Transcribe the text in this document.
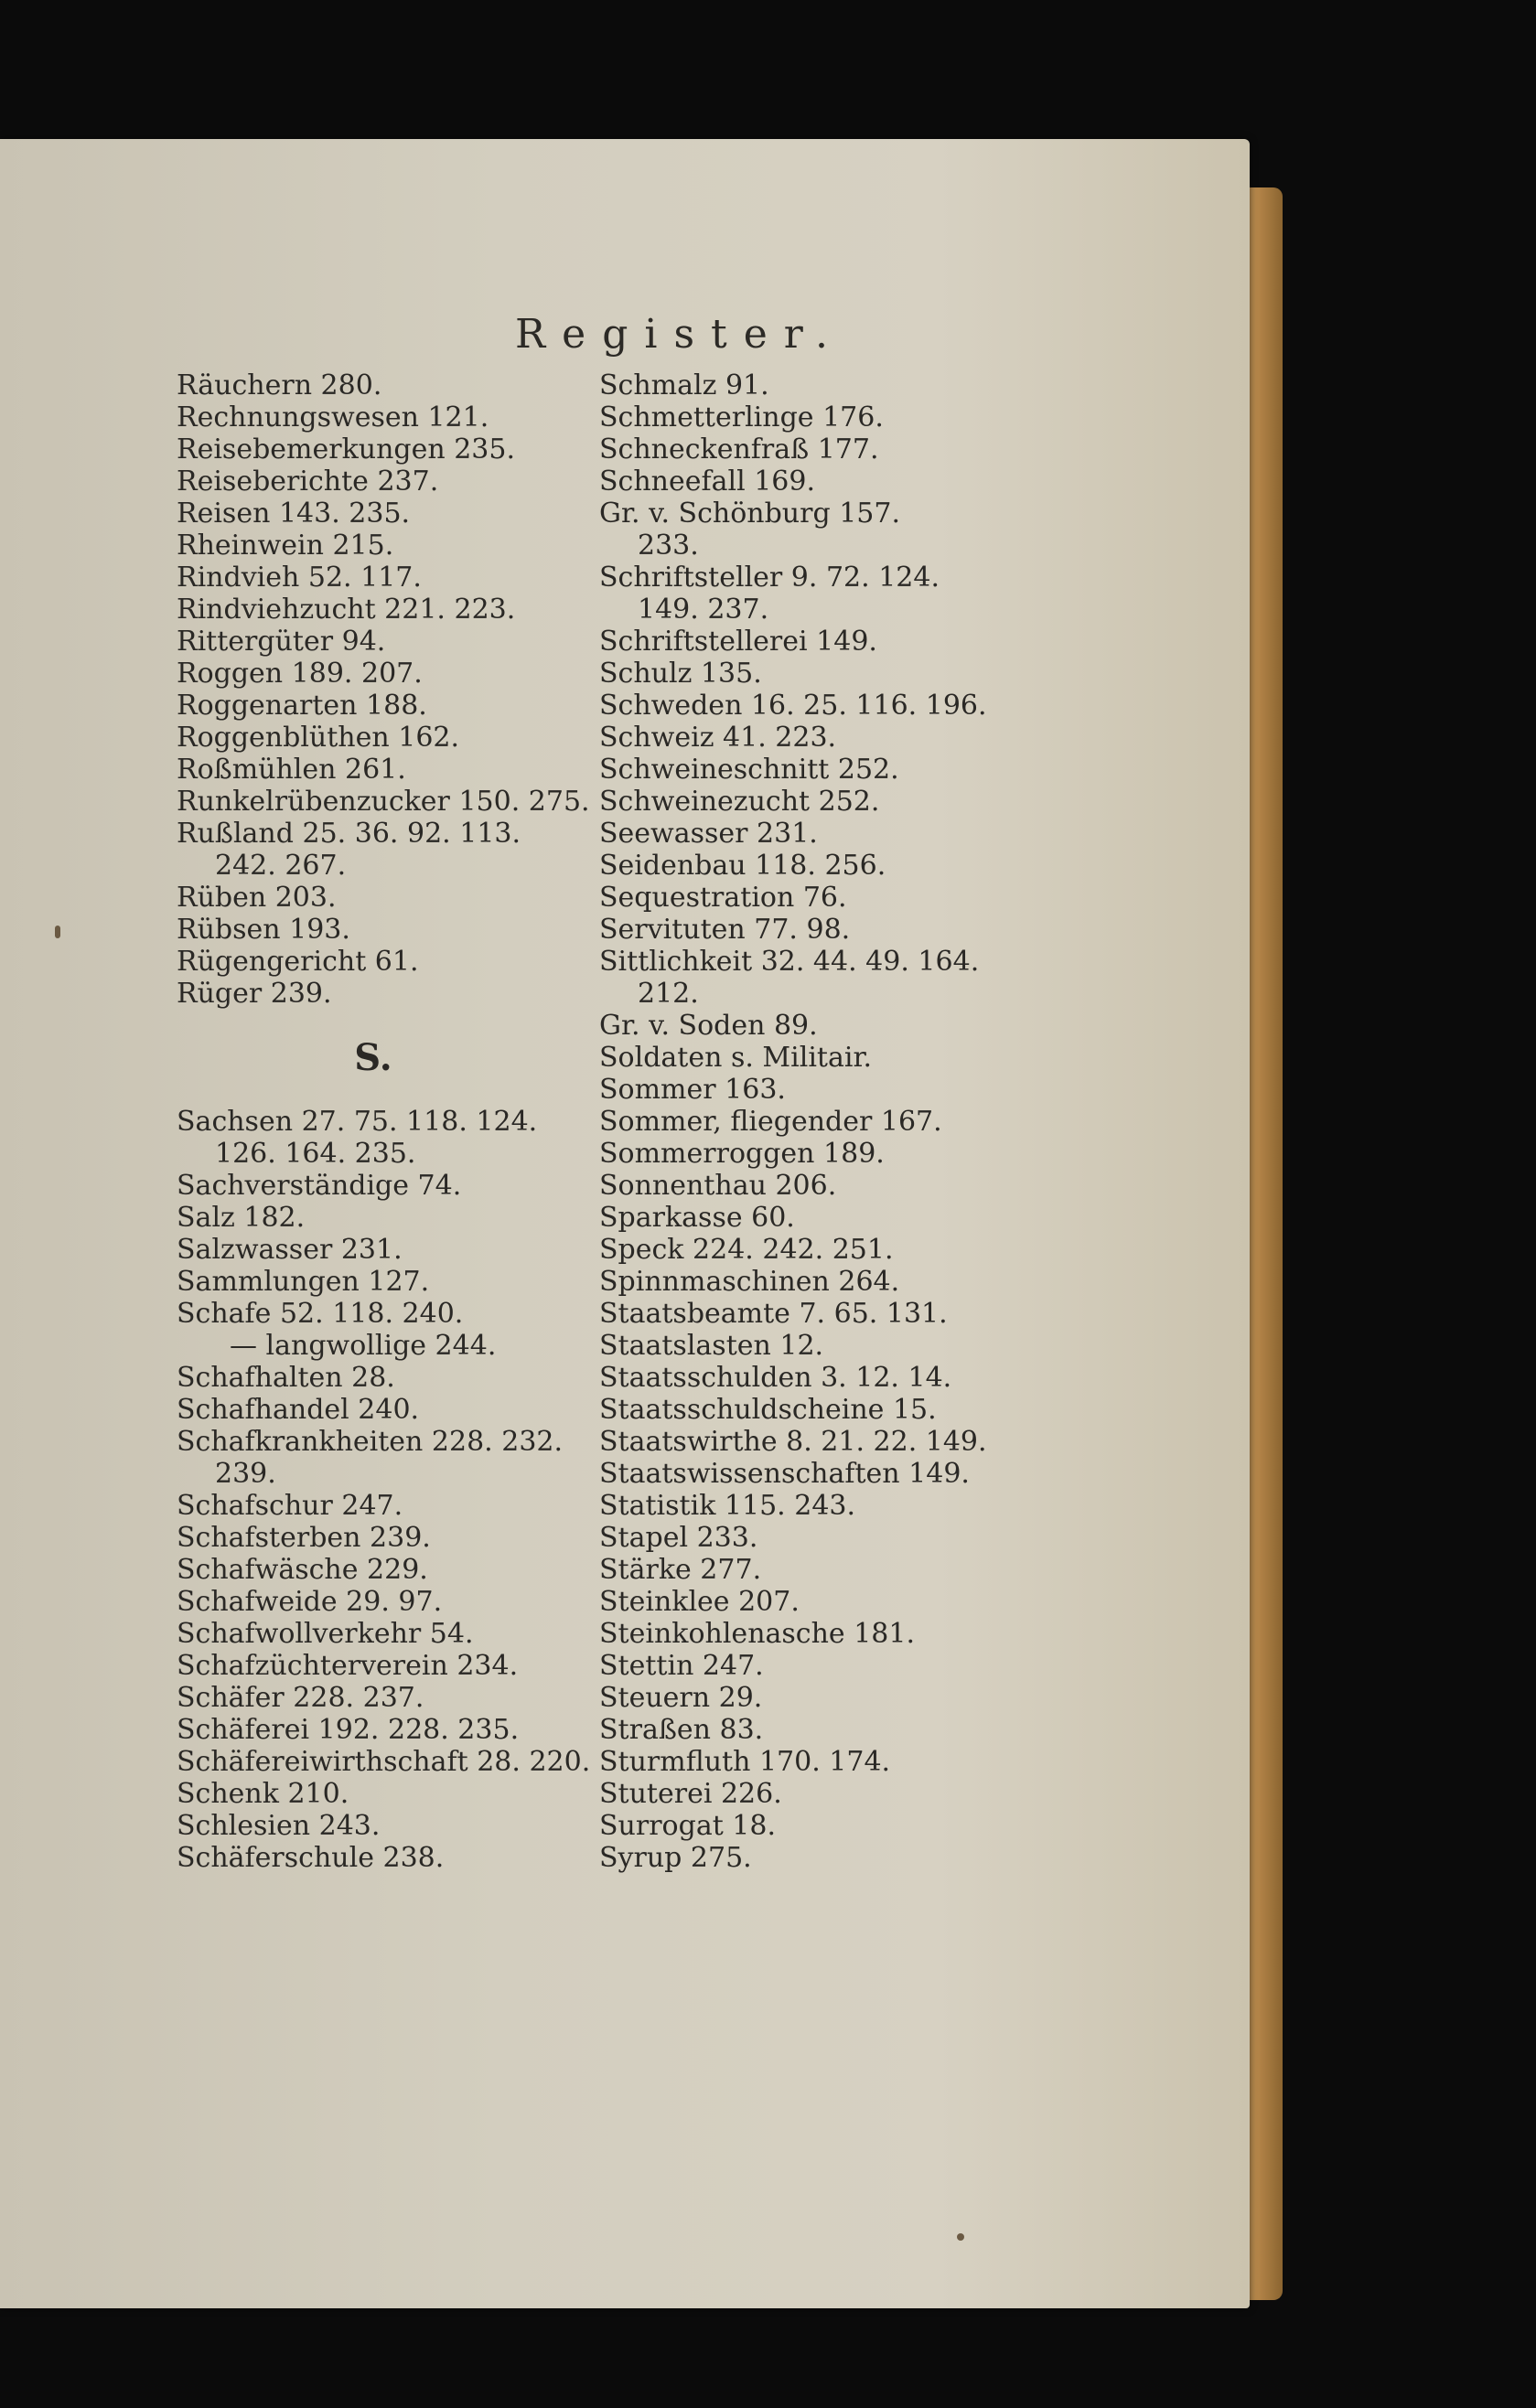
Register.
Räuchern 280.
Rechnungswesen 121.
Reisebemerkungen 235.
Reiseberichte 237.
Reisen 143. 235.
Rheinwein 215.
Rindvieh 52. 117.
Rindviehzucht 221. 223.
Rittergüter 94.
Roggen 189. 207.
Roggenarten 188.
Roggenblüthen 162.
Roßmühlen 261.
Runkelrübenzucker 150. 275.
Rußland 25. 36. 92. 113.
242. 267.
Rüben 203.
Rübsen 193.
Rügengericht 61.
Rüger 239.
S.
Sachsen 27. 75. 118. 124.
126. 164. 235.
Sachverständige 74.
Salz 182.
Salzwasser 231.
Sammlungen 127.
Schafe 52. 118. 240.
— langwollige 244.
Schafhalten 28.
Schafhandel 240.
Schafkrankheiten 228. 232.
239.
Schafschur 247.
Schafsterben 239.
Schafwäsche 229.
Schafweide 29. 97.
Schafwollverkehr 54.
Schafzüchterverein 234.
Schäfer 228. 237.
Schäferei 192. 228. 235.
Schäfereiwirthschaft 28. 220.
Schenk 210.
Schlesien 243.
Schäferschule 238.
Schmalz 91.
Schmetterlinge 176.
Schneckenfraß 177.
Schneefall 169.
Gr. v. Schönburg 157.
233.
Schriftsteller 9. 72. 124.
149. 237.
Schriftstellerei 149.
Schulz 135.
Schweden 16. 25. 116. 196.
Schweiz 41. 223.
Schweineschnitt 252.
Schweinezucht 252.
Seewasser 231.
Seidenbau 118. 256.
Sequestration 76.
Servituten 77. 98.
Sittlichkeit 32. 44. 49. 164.
212.
Gr. v. Soden 89.
Soldaten s. Militair.
Sommer 163.
Sommer, fliegender 167.
Sommerroggen 189.
Sonnenthau 206.
Sparkasse 60.
Speck 224. 242. 251.
Spinnmaschinen 264.
Staatsbeamte 7. 65. 131.
Staatslasten 12.
Staatsschulden 3. 12. 14.
Staatsschuldscheine 15.
Staatswirthe 8. 21. 22. 149.
Staatswissenschaften 149.
Statistik 115. 243.
Stapel 233.
Stärke 277.
Steinklee 207.
Steinkohlenasche 181.
Stettin 247.
Steuern 29.
Straßen 83.
Sturmfluth 170. 174.
Stuterei 226.
Surrogat 18.
Syrup 275.
